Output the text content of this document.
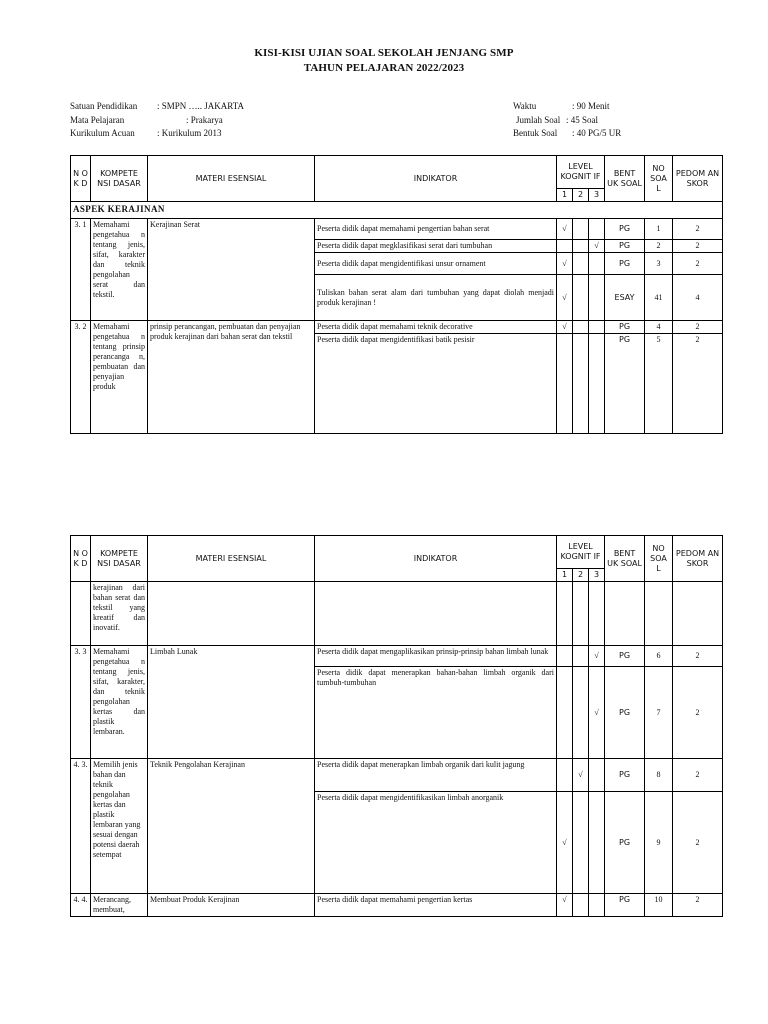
KISI-KISI UJIAN SOAL SEKOLAH JENJANG SMP
TAHUN PELAJARAN 2022/2023
Satuan Pendidikan : SMPN ….. JAKARTA
Mata Pelajaran	: Prakarya
Kurikulum Acuan : Kurikulum 2013
Waktu	: 90 Menit
Jumlah Soal : 45 Soal
Bentuk Soal : 40 PG/5 UR
N O K D	KOMPETE NSI DASAR	MATERI ESENSIAL	INDIKATOR	LEVEL KOGNIT IF			BENT UK SOAL	NO SOA L	PEDOM AN SKOR
				1	2	3			
ASPEK KERAJINAN									
3. 1	Memahami pengetahua n tentang jenis, sifat, karakter dan teknik pengolahan serat dan tekstil.	Kerajinan Serat	Peserta didik dapat memahami pengertian bahan serat	√			PG	1	2
			Peserta didik dapat megklasifikasi serat dari tumbuhan			√	PG	2	2
			Peserta didik dapat mengidentifikasi unsur ornament	√			PG	3	2
			Tuliskan bahan serat alam dari tumbuhan yang dapat diolah menjadi produk kerajinan !	√			ESAY	41	4
3. 2	Memahami pengetahua n tentang prinsip perancanga n, pembuatan dan penyajian produk	prinsip perancangan, pembuatan dan penyajian produk kerajinan dari bahan serat dan tekstil	Peserta didik dapat memahami teknik decorative	√			PG	4	2
			Peserta didik dapat mengidentifikasi batik pesisir				PG	5	2
N O K D	KOMPETE NSI DASAR	MATERI ESENSIAL	INDIKATOR	LEVEL KOGNIT IF			BENT UK SOAL	NO SOA L	PEDOM AN SKOR
				1	2	3			
	kerajinan dari bahan serat dan tekstil yang kreatif dan inovatif.								
3. 3	Memahami pengetahua n tentang jenis, sifat, karakter, dan teknik pengolahan kertas dan plastik lembaran.	Limbah Lunak	Peserta didik dapat mengaplikasikan prinsip-prinsip bahan limbah lunak			√	PG	6	2
			Peserta didik dapat menerapkan bahan-bahan limbah organik dari tumbuh-tumbuhan			√	PG	7	2
4. 3.	Memilih jenis bahan dan teknik pengolahan kertas dan plastik lembaran yang sesuai dengan potensi daerah setempat	Teknik Pengolahan Kerajinan	Peserta didik dapat menerapkan limbah organik dari kulit jagung		√		PG	8	2
			Peserta didik dapat mengidentifikasikan limbah anorganik	√			PG	9	2
4. 4.	Merancang, membuat,	Membuat Produk Kerajinan	Peserta didik dapat memahami pengertian kertas	√			PG	10	2
